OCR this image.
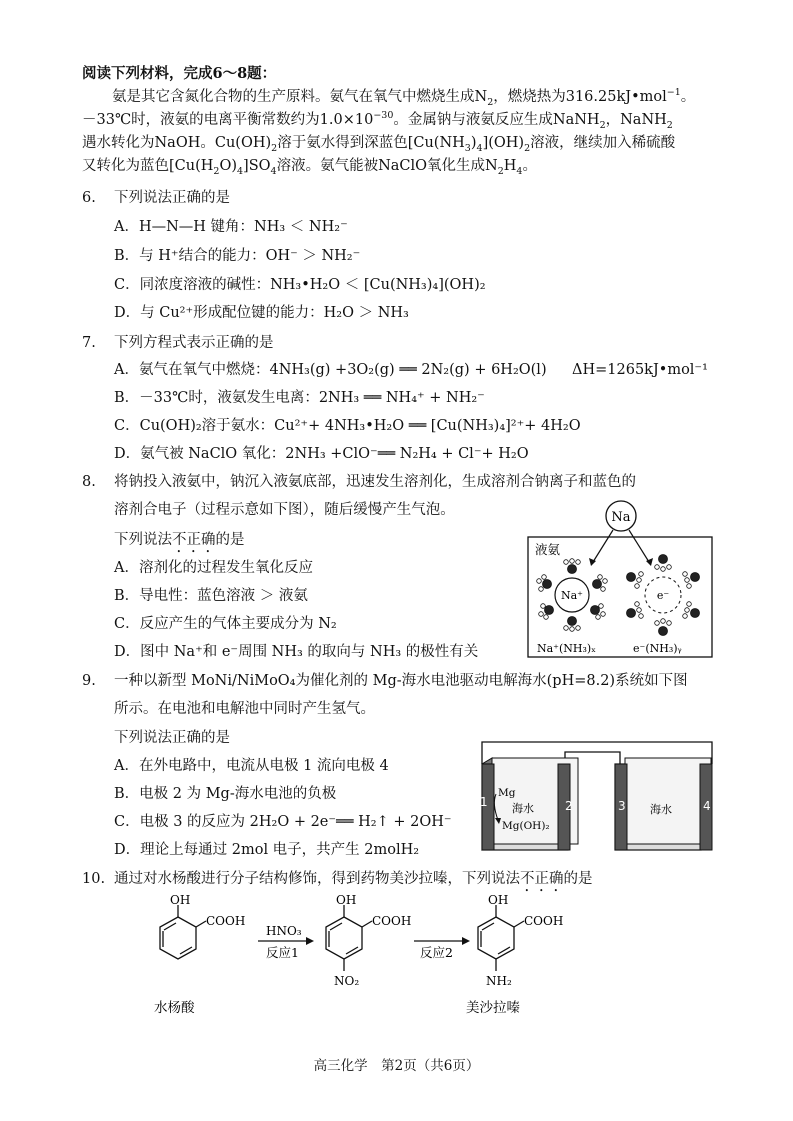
阅读下列材料，完成6～8题：
氨是其它含氮化合物的生产原料。氨气在氧气中燃烧生成$N_2$，燃烧热为316.25kJ•mol$^{-1}$。
－33℃时，液氨的电离平衡常数约为$1.0\times 10^{-30}$。金属钠与液氨反应生成NaNH$_2$，NaNH$_2$
遇水转化为NaOH。$Cu(OH)_2$溶于氨水得到深蓝色$[Cu(NH_3)_4](OH)_2$溶液，继续加入稀硫酸
又转化为蓝色$[Cu(H_2O)_4]SO_4$溶液。氨气能被NaClO氧化生成$N_2H_4$。
6. 下列说法正确的是
A．H—N—H 键角：NH₃ ＜ NH₂⁻
B．与 H⁺结合的能力：OH⁻ ＞ NH₂⁻
C．同浓度溶液的碱性：NH₃•H₂O ＜ [Cu(NH₃)₄](OH)₂
D．与 Cu²⁺形成配位键的能力：H₂O ＞ NH₃
7. 下列方程式表示正确的是
A．氨气在氧气中燃烧：4NH₃(g) +3O₂(g) ══ 2N₂(g) + 6H₂O(l) ΔH=1265kJ•mol⁻¹
B．－33℃时，液氨发生电离：2NH₃ ══ NH₄⁺ + NH₂⁻
C．Cu(OH)₂溶于氨水：Cu²⁺+ 4NH₃•H₂O ══ [Cu(NH₃)₄]²⁺+ 4H₂O
D．氨气被 NaClO 氧化：2NH₃ +ClO⁻══ N₂H₄ + Cl⁻+ H₂O
8. 将钠投入液氨中，钠沉入液氨底部，迅速发生溶剂化，生成溶剂合钠离子和蓝色的
溶剂合电子（过程示意如下图），随后缓慢产生气泡。
下列说法不正确的是
A．溶剂化的过程发生氧化反应
B．导电性：蓝色溶液 ＞ 液氨
C．反应产生的气体主要成分为 N₂
D．图中 Na⁺和 e⁻周围 NH₃ 的取向与 NH₃ 的极性有关
Na
液氨
Na⁺	e⁻
Na⁺(NH₃)ₓ	e⁻(NH₃)ᵧ
9. 一种以新型 MoNi/NiMoO₄为催化剂的 Mg-海水电池驱动电解海水(pH=8.2)系统如下图
所示。在电池和电解池中同时产生氢气。
下列说法正确的是
A．在外电路中，电流从电极 1 流向电极 4
B．电极 2 为 Mg-海水电池的负极
C．电极 3 的反应为 2H₂O + 2e⁻══ H₂↑ + 2OH⁻
D．理论上每通过 2mol 电子，共产生 2molH₂
1	2	3	4
Mg
海水
Mg(OH)₂
海水
10. 通过对水杨酸进行分子结构修饰，得到药物美沙拉嗪，下列说法不正确的是
OH
COOH
水杨酸
HNO₃
反应1
OH
COOH
NO₂
反应2
OH
COOH
NH₂
美沙拉嗪
高三化学　第2页（共6页）
